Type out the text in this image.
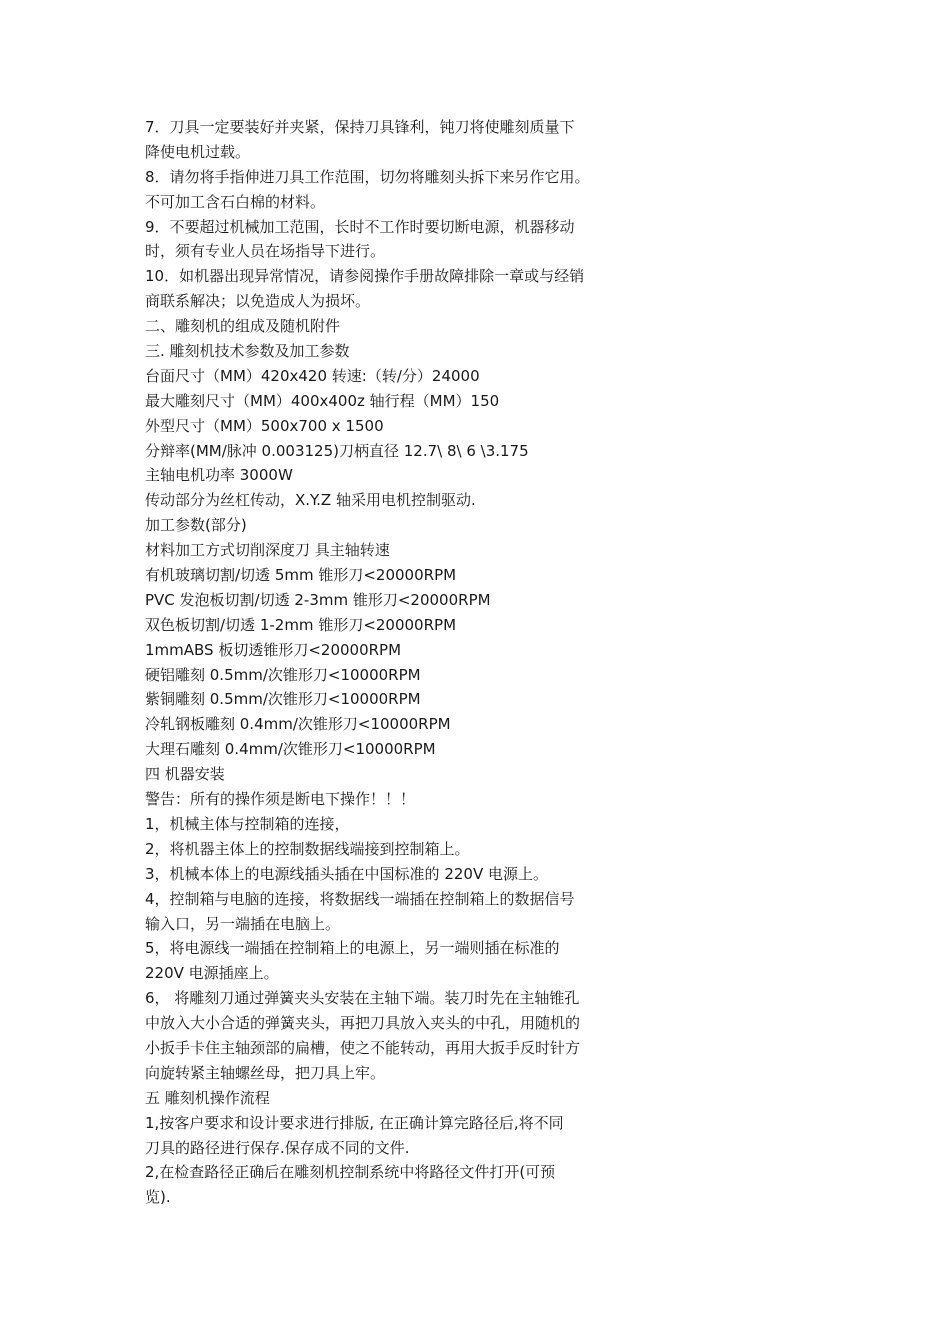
7．刀具一定要装好并夹紧，保持刀具锋利，钝刀将使雕刻质量下
降使电机过载。
8．请勿将手指伸进刀具工作范围，切勿将雕刻头拆下来另作它用。
不可加工含石白棉的材料。
9．不要超过机械加工范围，长时不工作时要切断电源，机器移动
时，须有专业人员在场指导下进行。
10．如机器出现异常情况，请参阅操作手册故障排除一章或与经销
商联系解决；以免造成人为损坏。
二、雕刻机的组成及随机附件
三. 雕刻机技术参数及加工参数
台面尺寸（MM）420x420 转速:（转/分）24000
最大雕刻尺寸（MM）400x400z 轴行程（MM）150
外型尺寸（MM）500x700 x 1500
分辩率(MM/脉冲 0.003125)刀柄直径 12.7\ 8\ 6 \3.175
主轴电机功率 3000W
传动部分为丝杠传动，X.Y.Z 轴采用电机控制驱动.
加工参数(部分)
材料加工方式切削深度刀 具主轴转速
有机玻璃切割/切透 5mm 锥形刀<20000RPM
PVC 发泡板切割/切透 2-3mm 锥形刀<20000RPM
双色板切割/切透 1-2mm 锥形刀<20000RPM
1mmABS 板切透锥形刀<20000RPM
硬铝雕刻 0.5mm/次锥形刀<10000RPM
紫铜雕刻 0.5mm/次锥形刀<10000RPM
冷轧钢板雕刻 0.4mm/次锥形刀<10000RPM
大理石雕刻 0.4mm/次锥形刀<10000RPM
四 机器安装
警告：所有的操作须是断电下操作！！！
1，机械主体与控制箱的连接，
2，将机器主体上的控制数据线端接到控制箱上。
3，机械本体上的电源线插头插在中国标准的 220V 电源上。
4，控制箱与电脑的连接，将数据线一端插在控制箱上的数据信号
输入口，另一端插在电脑上。
5，将电源线一端插在控制箱上的电源上，另一端则插在标准的
220V 电源插座上。
6， 将雕刻刀通过弹簧夹头安装在主轴下端。装刀时先在主轴锥孔
中放入大小合适的弹簧夹头，再把刀具放入夹头的中孔，用随机的
小扳手卡住主轴颈部的扁槽，使之不能转动，再用大扳手反时针方
向旋转紧主轴螺丝母，把刀具上牢。
五 雕刻机操作流程
1,按客户要求和设计要求进行排版, 在正确计算完路径后,将不同
刀具的路径进行保存.保存成不同的文件.
2,在检查路径正确后在雕刻机控制系统中将路径文件打开(可预
览).
